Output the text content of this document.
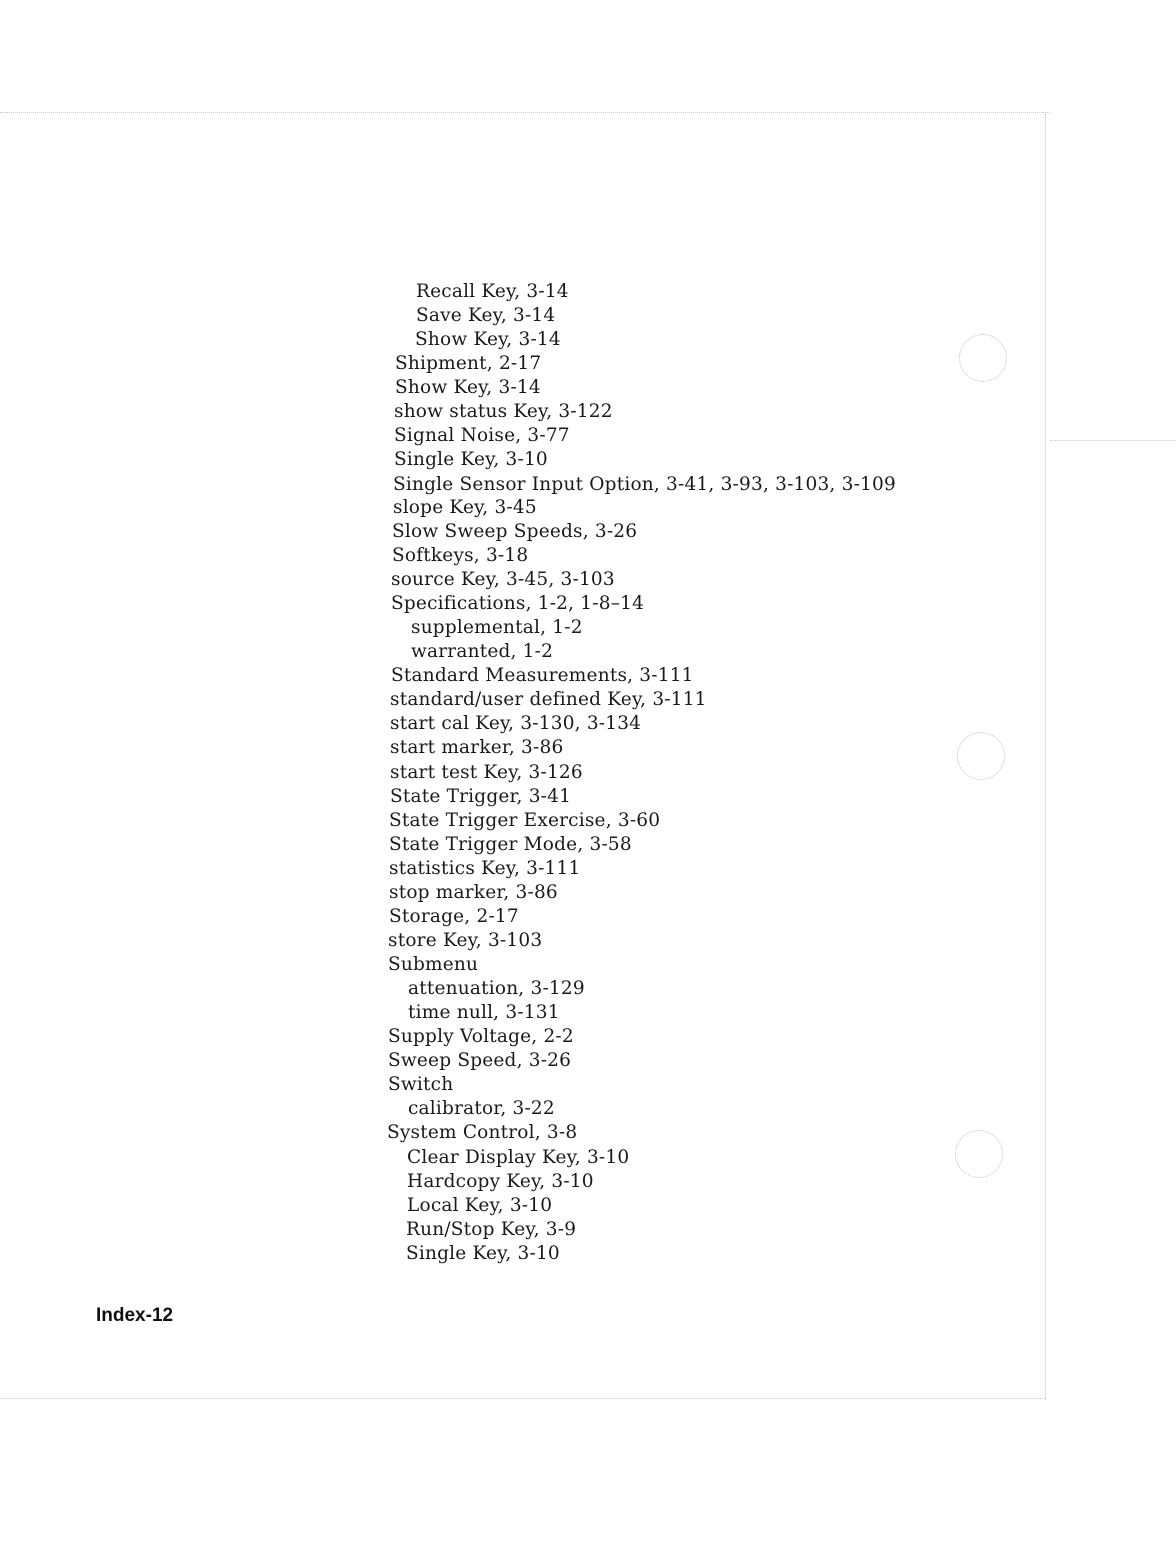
Recall Key, 3-14
Save Key, 3-14
Show Key, 3-14
Shipment, 2-17
Show Key, 3-14
show status Key, 3-122
Signal Noise, 3-77
Single Key, 3-10
Single Sensor Input Option, 3-41, 3-93, 3-103, 3-109
slope Key, 3-45
Slow Sweep Speeds, 3-26
Softkeys, 3-18
source Key, 3-45, 3-103
Specifications, 1-2, 1-8–14
supplemental, 1-2
warranted, 1-2
Standard Measurements, 3-111
standard/user defined Key, 3-111
start cal Key, 3-130, 3-134
start marker, 3-86
start test Key, 3-126
State Trigger, 3-41
State Trigger Exercise, 3-60
State Trigger Mode, 3-58
statistics Key, 3-111
stop marker, 3-86
Storage, 2-17
store Key, 3-103
Submenu
attenuation, 3-129
time null, 3-131
Supply Voltage, 2-2
Sweep Speed, 3-26
Switch
calibrator, 3-22
System Control, 3-8
Clear Display Key, 3-10
Hardcopy Key, 3-10
Local Key, 3-10
Run/Stop Key, 3-9
Single Key, 3-10
Index-12
